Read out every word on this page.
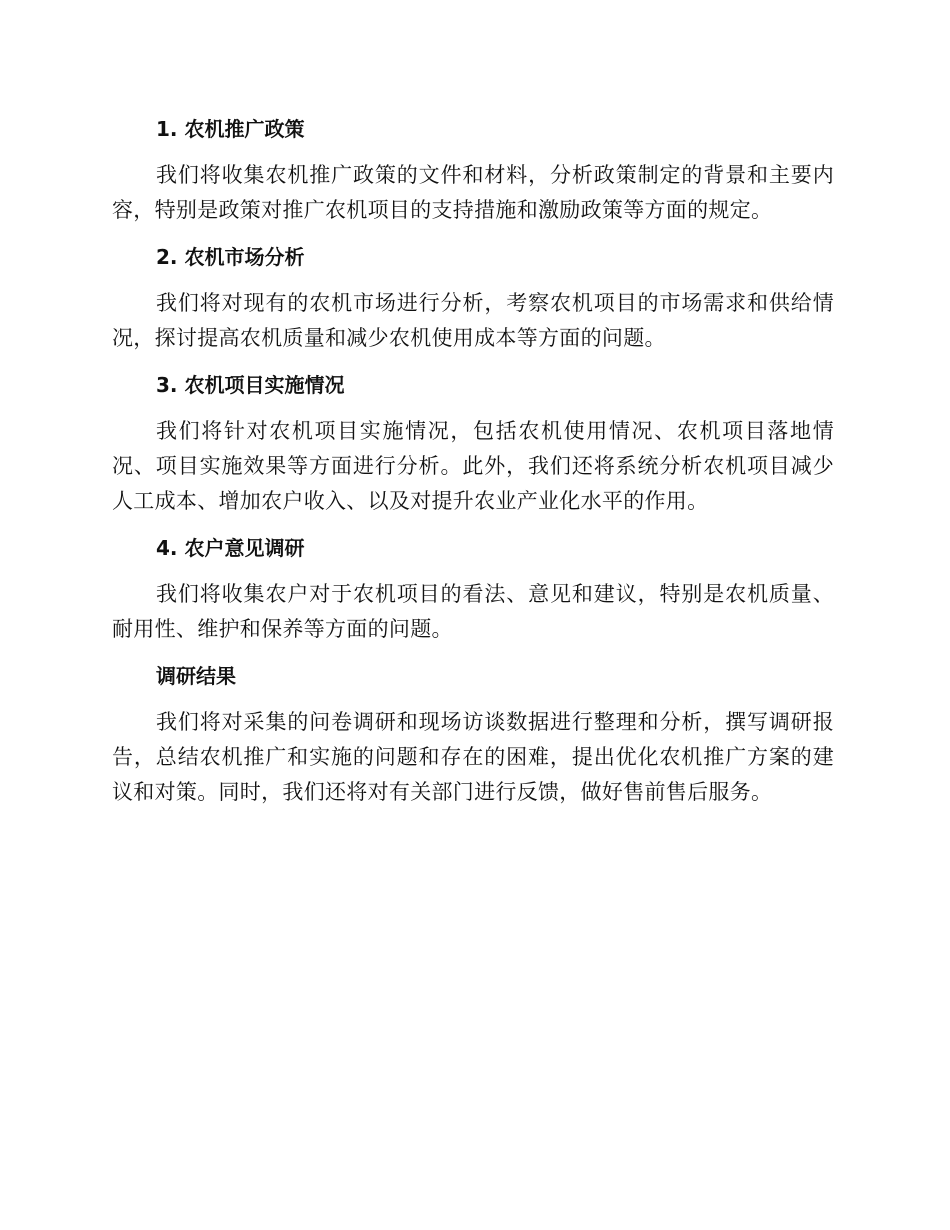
1. 农机推广政策

我们将收集农机推广政策的文件和材料，分析政策制定的背景和主要内容，特别是政策对推广农机项目的支持措施和激励政策等方面的规定。

2. 农机市场分析

我们将对现有的农机市场进行分析，考察农机项目的市场需求和供给情况，探讨提高农机质量和减少农机使用成本等方面的问题。

3. 农机项目实施情况

我们将针对农机项目实施情况，包括农机使用情况、农机项目落地情况、项目实施效果等方面进行分析。此外，我们还将系统分析农机项目减少人工成本、增加农户收入、以及对提升农业产业化水平的作用。

4. 农户意见调研

我们将收集农户对于农机项目的看法、意见和建议，特别是农机质量、耐用性、维护和保养等方面的问题。

调研结果

我们将对采集的问卷调研和现场访谈数据进行整理和分析，撰写调研报告，总结农机推广和实施的问题和存在的困难，提出优化农机推广方案的建议和对策。同时，我们还将对有关部门进行反馈，做好售前售后服务。
